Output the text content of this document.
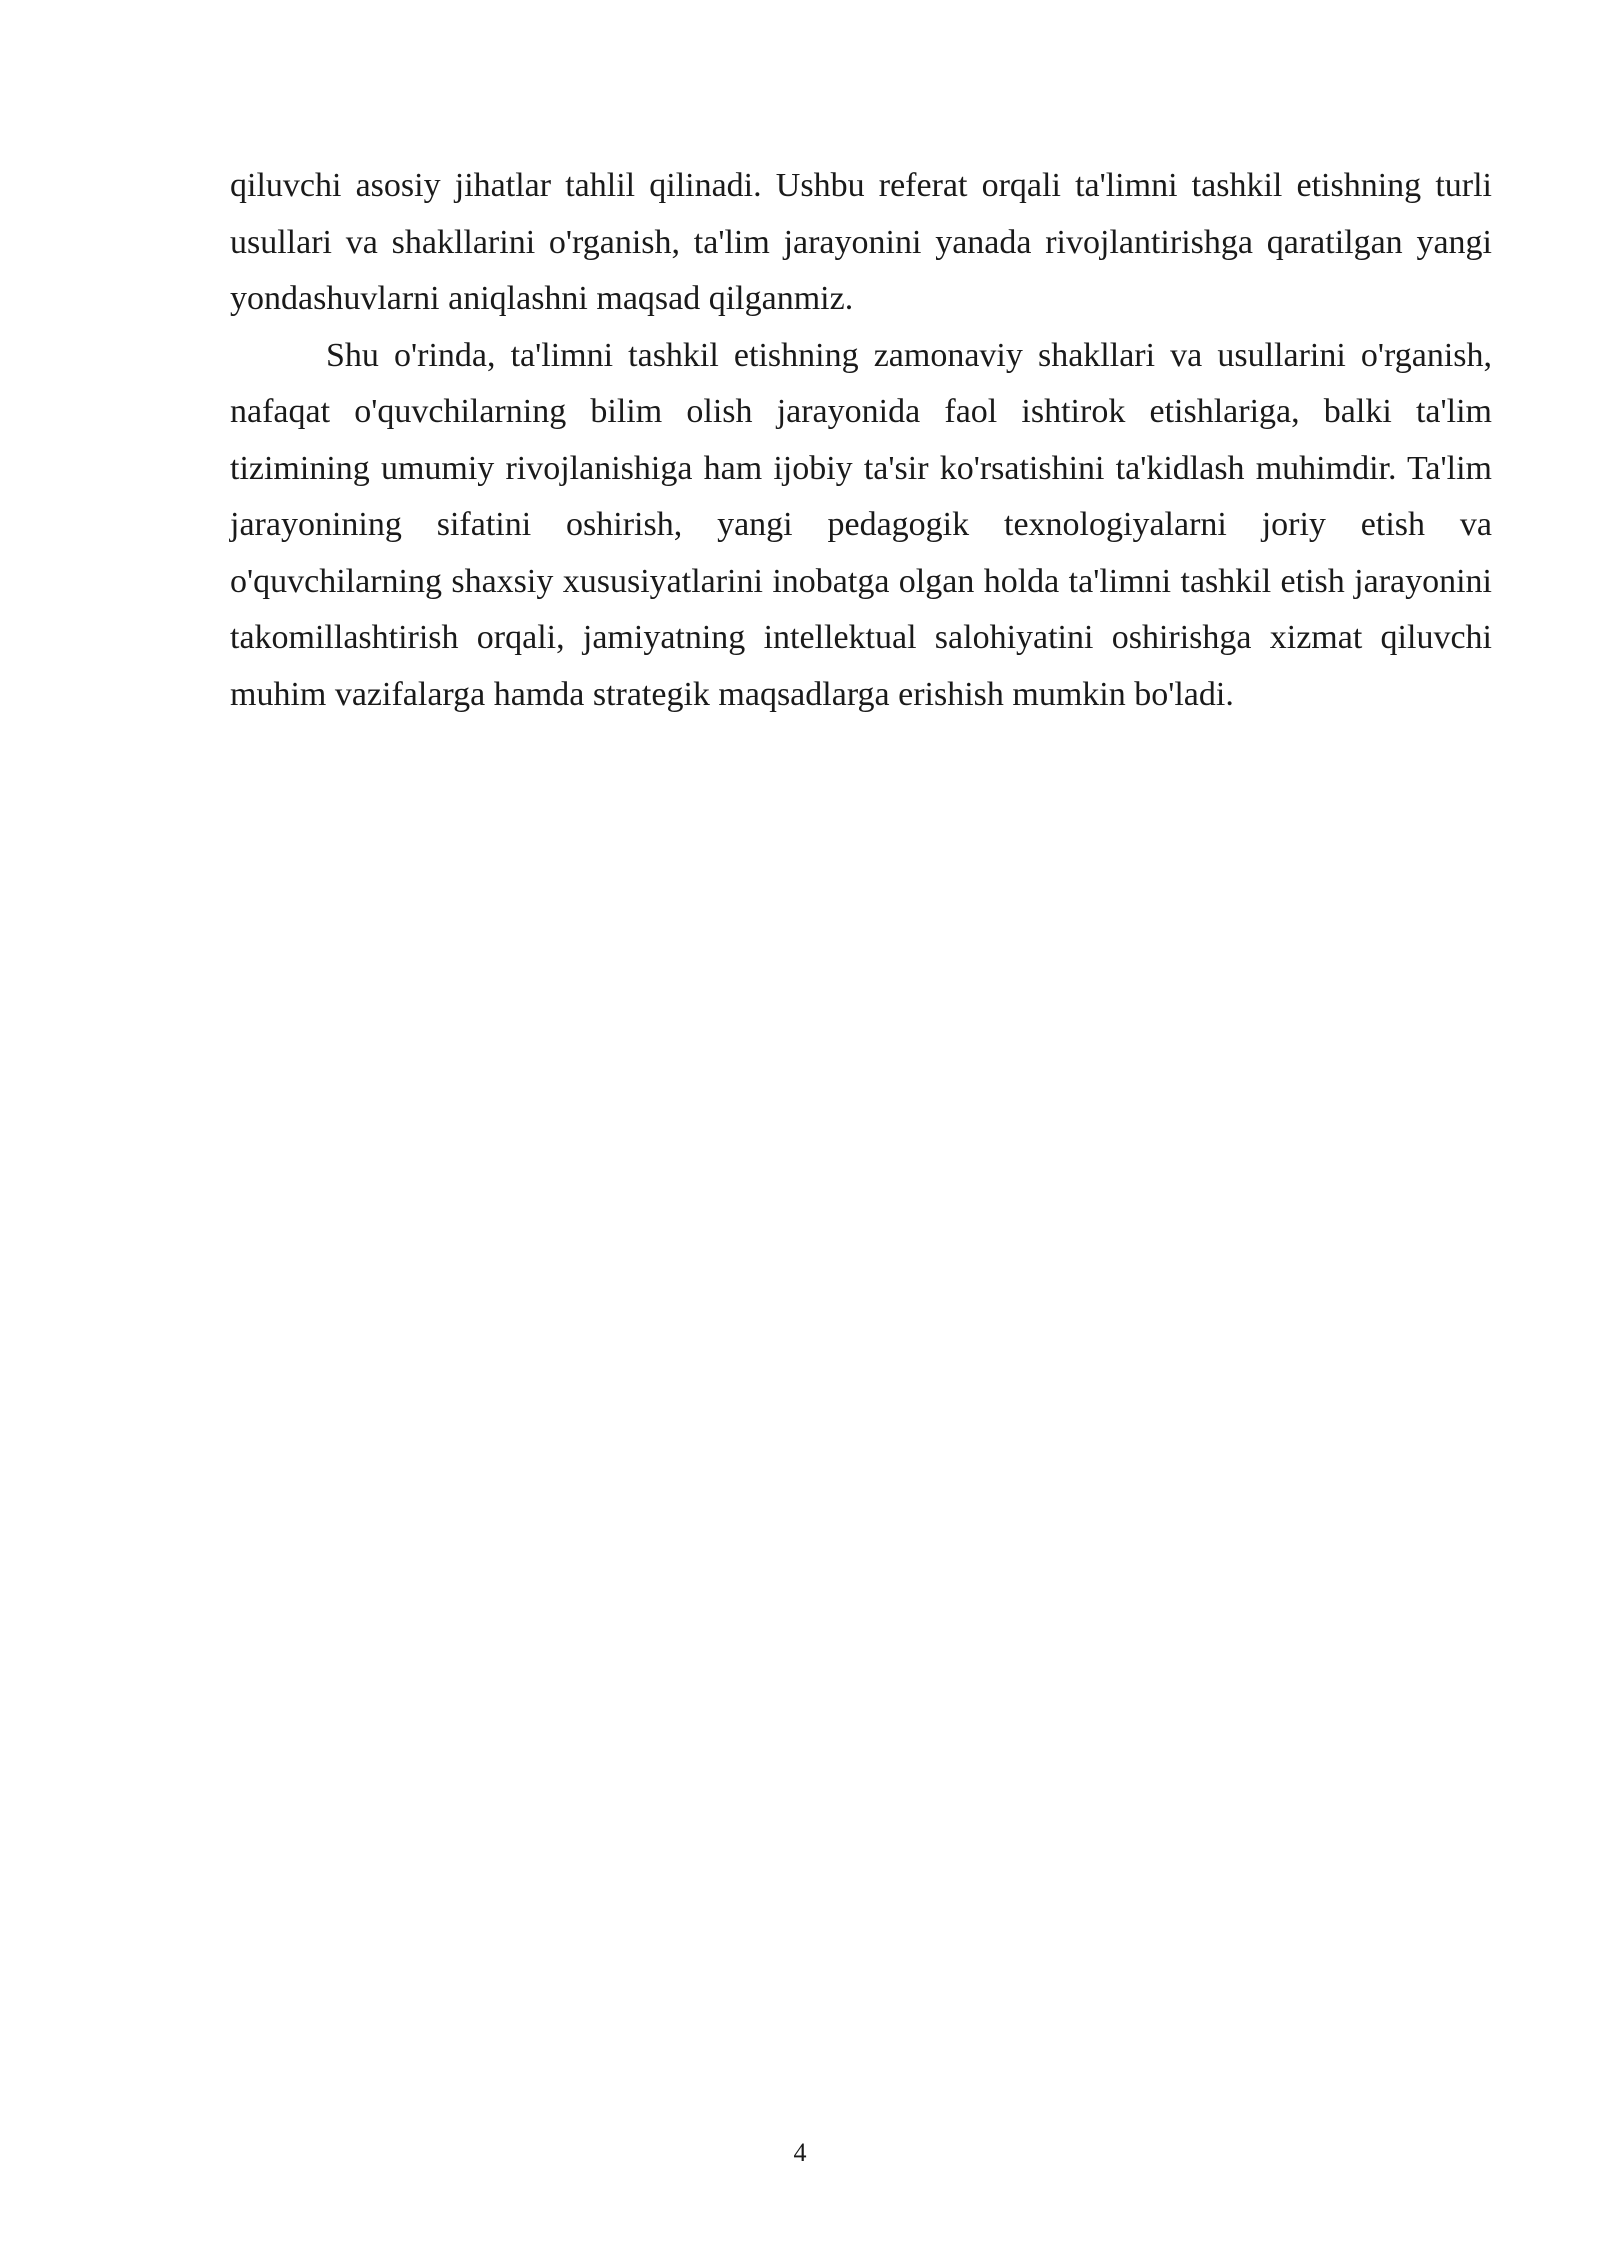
qiluvchi asosiy jihatlar tahlil qilinadi. Ushbu referat orqali ta'limni tashkil etishning turli usullari va shakllarini o'rganish, ta'lim jarayonini yanada rivojlantirishga qaratilgan yangi yondashuvlarni aniqlashni maqsad qilganmiz.

Shu o'rinda, ta'limni tashkil etishning zamonaviy shakllari va usullarini o'rganish, nafaqat o'quvchilarning bilim olish jarayonida faol ishtirok etishlariga, balki ta'lim tizimining umumiy rivojlanishiga ham ijobiy ta'sir ko'rsatishini ta'kidlash muhimdir. Ta'lim jarayonining sifatini oshirish, yangi pedagogik texnologiyalarni joriy etish va o'quvchilarning shaxsiy xususiyatlarini inobatga olgan holda ta'limni tashkil etish jarayonini takomillashtirish orqali, jamiyatning intellektual salohiyatini oshirishga xizmat qiluvchi muhim vazifalarga hamda strategik maqsadlarga erishish mumkin bo'ladi.

4
